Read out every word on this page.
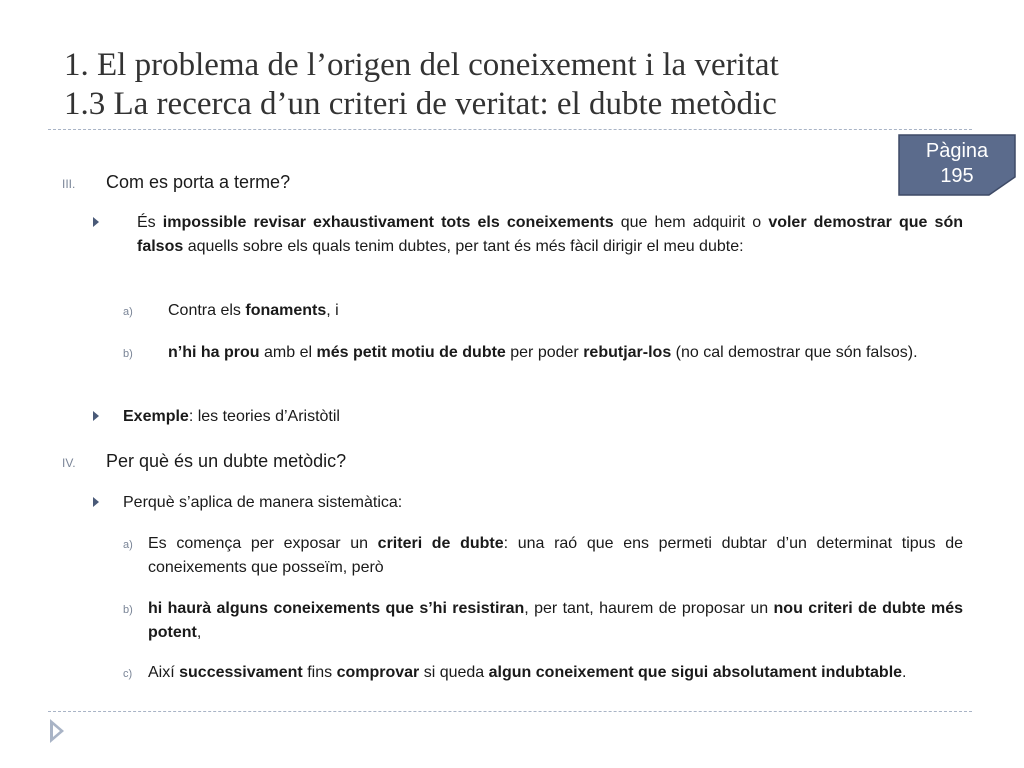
1. El problema de l’origen del coneixement i la veritat
1.3 La recerca d’un criteri de veritat: el dubte metòdic
Pàgina
195
III.	Com es porta a terme?
És impossible revisar exhaustivament tots els coneixements que hem adquirit o voler demostrar que són falsos aquells sobre els quals tenim dubtes, per tant és més fàcil dirigir el meu dubte:
a)	Contra els fonaments, i
b)	n’hi ha prou amb el més petit motiu de dubte per poder rebutjar-los (no cal demostrar que són falsos).
Exemple: les teories d’Aristòtil
IV.	Per què és un dubte metòdic?
Perquè s’aplica de manera sistemàtica:
a) Es comença per exposar un criteri de dubte: una raó que ens permeti dubtar d’un determinat tipus de coneixements que posseïm, però
b) hi haurà alguns coneixements que s’hi resistiran, per tant, haurem de proposar un nou criteri de dubte més potent,
c) Així successivament fins comprovar si queda algun coneixement que sigui absolutament indubtable.
